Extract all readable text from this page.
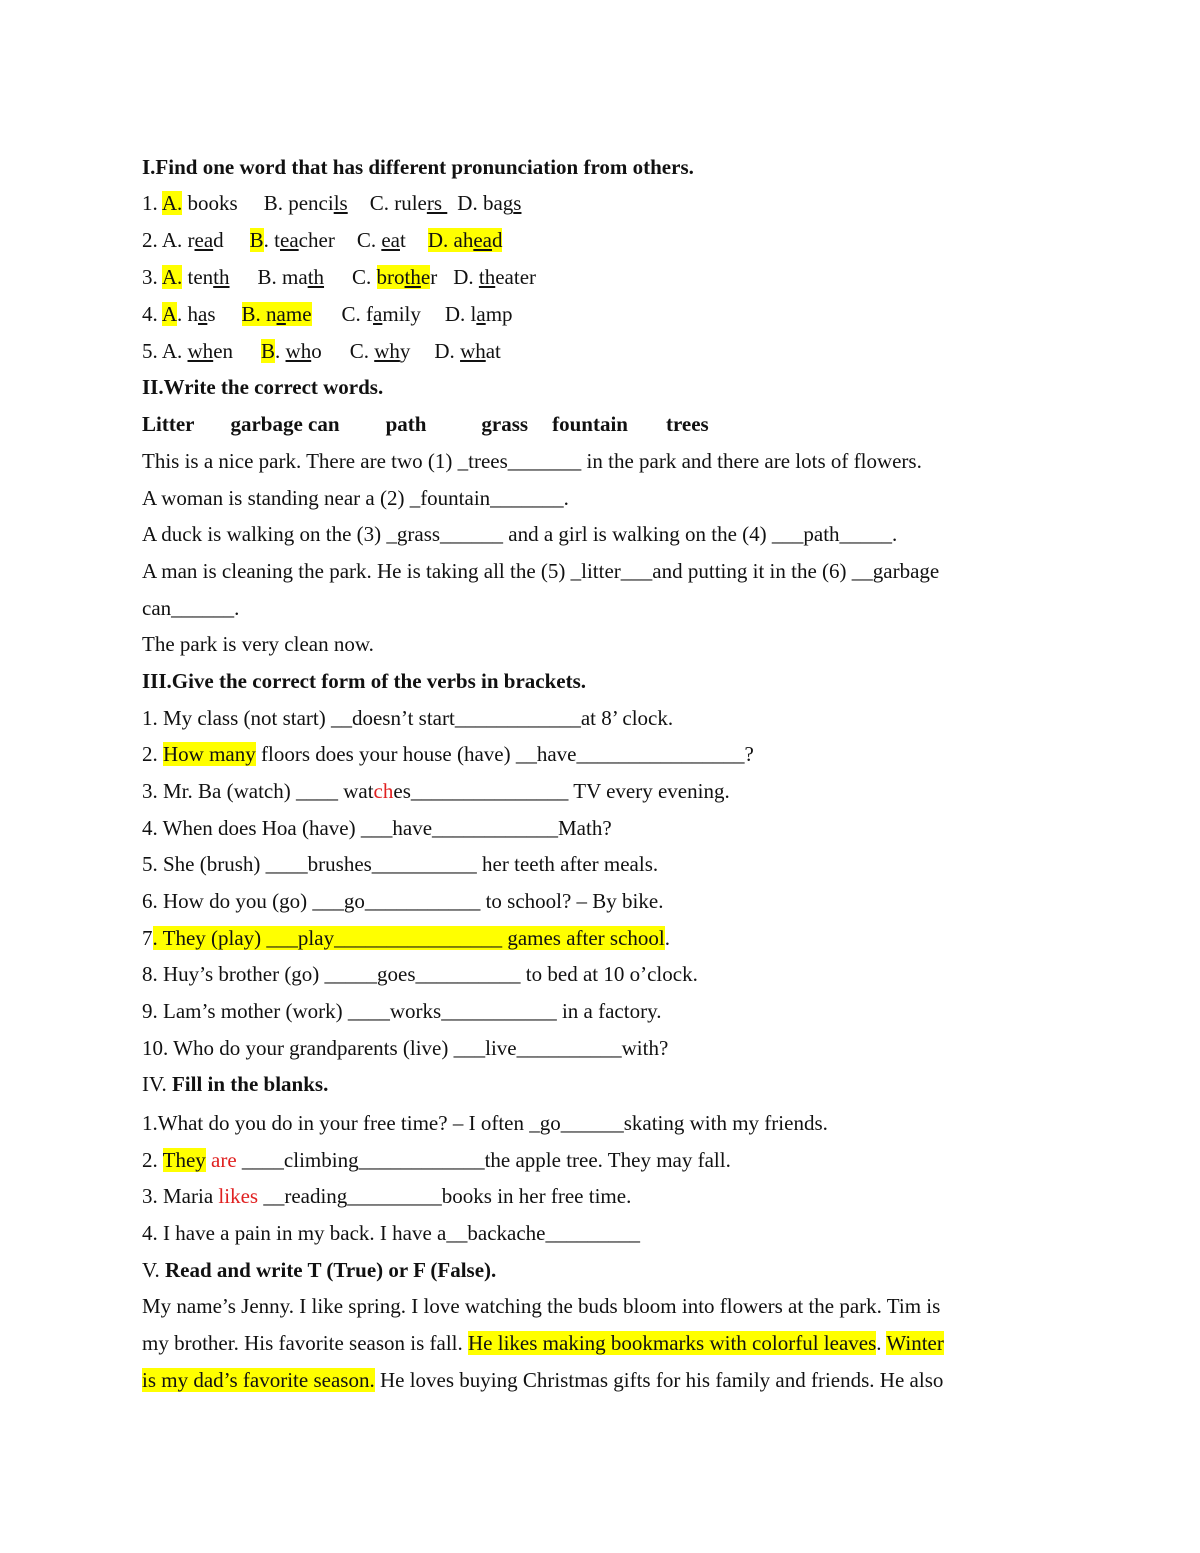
I.Find one word that has different pronunciation from others.
1. A. books B. pencils C. rulers D. bags
2. A. read B. teacher C. eat D. ahead
3. A. tenth B. math C. brother D. theater
4. A. has B. name C. family D. lamp
5. A. when B. who C. why D. what
II.Write the correct words.
Litter garbage can path	grass fountain trees
This is a nice park. There are two (1) _trees_______ in the park and there are lots of flowers.
A woman is standing near a (2) _fountain_______.
A duck is walking on the (3) _grass______ and a girl is walking on the (4) ___path_____.
A man is cleaning the park. He is taking all the (5) _litter___and putting it in the (6) __garbage
can______.
The park is very clean now.
III.Give the correct form of the verbs in brackets.
1. My class (not start) __doesn’t start____________at 8’ clock.
2. How many floors does your house (have) __have________________?
3. Mr. Ba (watch) ____ watches_______________ TV every evening.
4. When does Hoa (have) ___have____________Math?
5. She (brush) ____brushes__________ her teeth after meals.
6. How do you (go) ___go___________ to school? – By bike.
7. They (play) ___play________________ games after school.
8. Huy’s brother (go) _____goes__________ to bed at 10 o’clock.
9. Lam’s mother (work) ____works___________ in a factory.
10. Who do your grandparents (live) ___live__________with?
IV. Fill in the blanks.
1.What do you do in your free time? – I often _go______skating with my friends.
2. They are ____climbing____________the apple tree. They may fall.
3. Maria likes __reading_________books in her free time.
4. I have a pain in my back. I have a__backache_________
V. Read and write T (True) or F (False).
My name’s Jenny. I like spring. I love watching the buds bloom into flowers at the park. Tim is
my brother. His favorite season is fall. He likes making bookmarks with colorful leaves. Winter
is my dad’s favorite season. He loves buying Christmas gifts for his family and friends. He also
